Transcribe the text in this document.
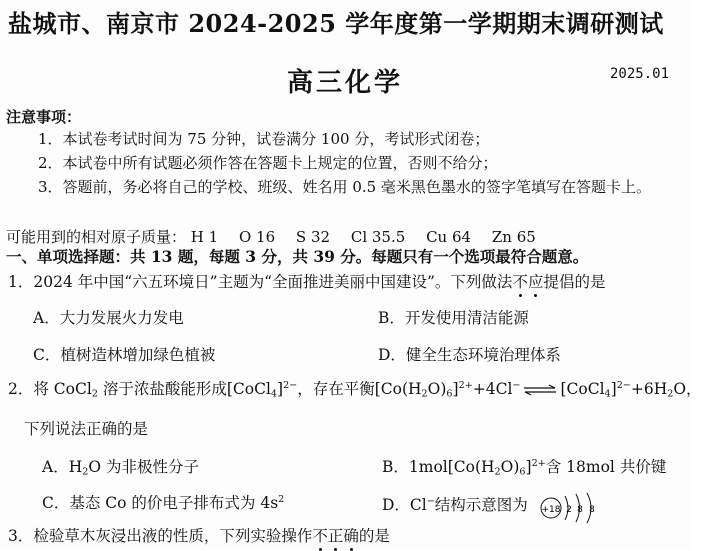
盐城市、南京市 2024-2025 学年度第一学期期末调研测试
高三化学	2025.01
注意事项：
1．本试卷考试时间为 75 分钟，试卷满分 100 分，考试形式闭卷；
2．本试卷中所有试题必须作答在答题卡上规定的位置，否则不给分；
3．答题前，务必将自己的学校、班级、姓名用 0.5 毫米黑色墨水的签字笔填写在答题卡上。
可能用到的相对原子质量： H 1 O 16 S 32 Cl 35.5 Cu 64 Zn 65
一、单项选择题：共 13 题，每题 3 分，共 39 分。每题只有一个选项最符合题意。
1．2024 年中国“六五环境日”主题为“全面推进美丽中国建设”。下列做法不应提倡的是
A．大力发展火力发电	B．开发使用清洁能源
C．植树造林增加绿色植被	D．健全生态环境治理体系
2．将 CoCl$_2$ 溶于浓盐酸能形成[CoCl$_4$]$^{2-}$，存在平衡$[Co(H_2O)_6]^{2+}+4Cl^-$ ⇌ $[CoCl_4]^{2-}+6H_2O$，
下列说法正确的是
A．$H_2O$ 为非极性分子	B．$1mol[Co(H_2O)_6]^{2+}$含 18mol 共价键
C．基态 Co 的价电子排布式为 $4s^2$	D．Cl−结构示意图为 +18 2 8 8
3．检验草木灰浸出液的性质，下列实验操作不正确的是
